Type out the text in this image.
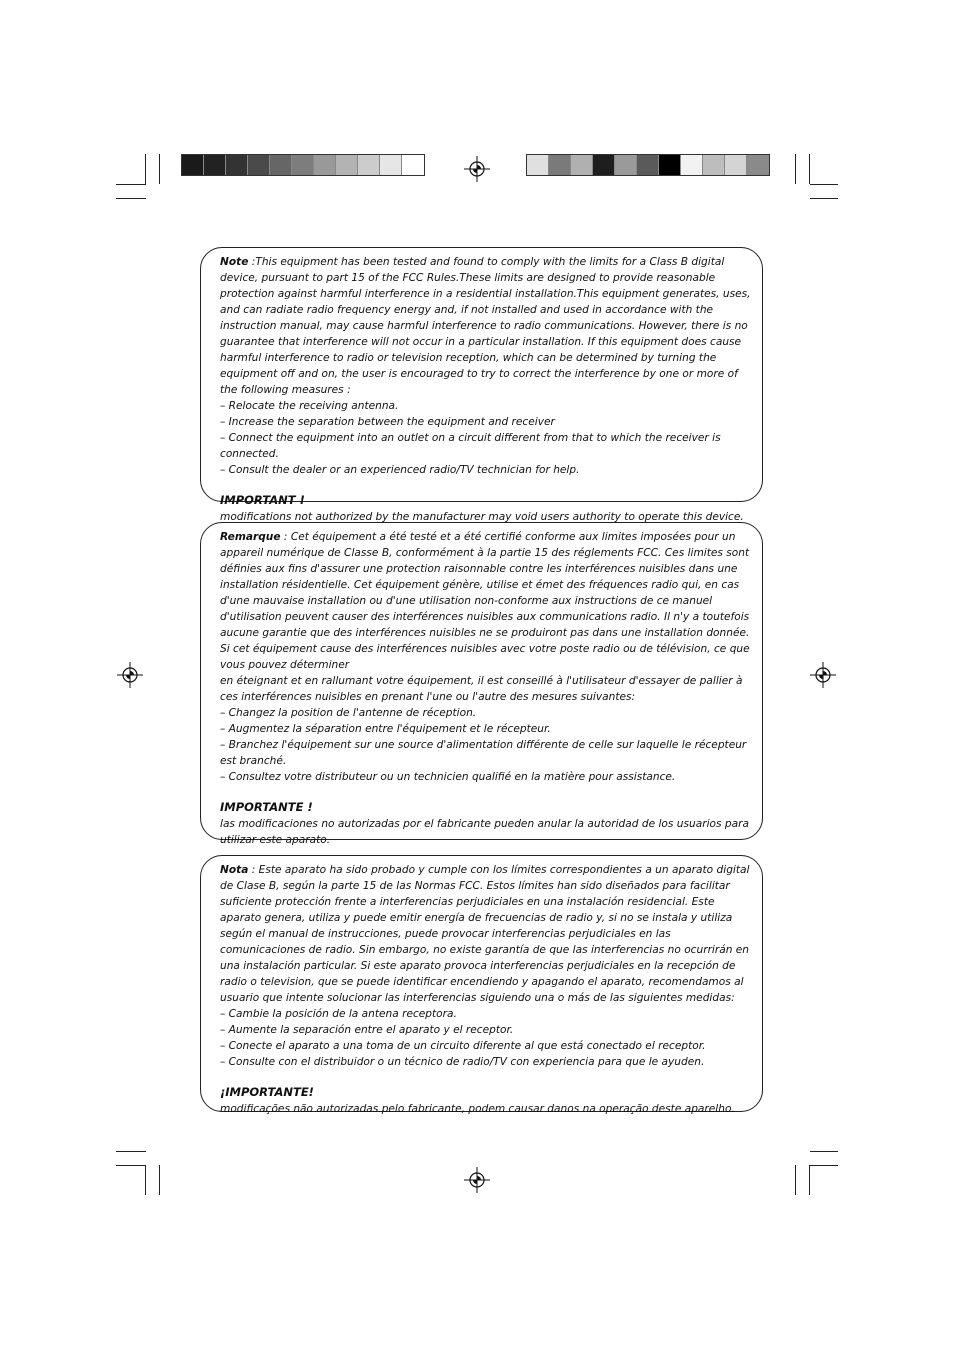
Note :This equipment has been tested and found to comply with the limits for a Class B digital device, pursuant to part 15 of the FCC Rules.These limits are designed to provide reasonable protection against harmful interference in a residential installation.This equipment generates, uses, and can radiate radio frequency energy and, if not installed and used in accordance with the instruction manual, may cause harmful interference to radio communications. However, there is no guarantee that interference will not occur in a particular installation. If this equipment does cause harmful interference to radio or television reception, which can be determined by turning the equipment off and on, the user is encouraged to try to correct the interference by one or more of the following measures :

– Relocate the receiving antenna.
– Increase the separation between the equipment and receiver
– Connect the equipment into an outlet on a circuit different from that to which the receiver is connected.
– Consult the dealer or an experienced radio/TV technician for help.

IMPORTANT !

modifications not authorized by the manufacturer may void users authority to operate this device.

Remarque : Cet équipement a été testé et a été certifié conforme aux limites imposées pour un appareil numérique de Classe B, conformément à la partie 15 des réglements FCC. Ces limites sont définies aux fins d'assurer une protection raisonnable contre les interférences nuisibles dans une installation résidentielle. Cet équipement génère, utilise et émet des fréquences radio qui, en cas d'une mauvaise installation ou d'une utilisation non-conforme aux instructions de ce manuel d'utilisation peuvent causer des interférences nuisibles aux communications radio. Il n'y a toutefois aucune garantie que des interférences nuisibles ne se produiront pas dans une installation donnée. Si cet équipement cause des interférences nuisibles avec votre poste radio ou de télévision, ce que vous pouvez déterminer

en éteignant et en rallumant votre équipement, il est conseillé à l'utilisateur d'essayer de pallier à ces interférences nuisibles en prenant l'une ou l'autre des mesures suivantes:

– Changez la position de l'antenne de réception.
– Augmentez la séparation entre l'équipement et le récepteur.
– Branchez l'équipement sur une source d'alimentation différente de celle sur laquelle le récepteur est branché.
– Consultez votre distributeur ou un technicien qualifié en la matière pour assistance.

IMPORTANTE !

las modificaciones no autorizadas por el fabricante pueden anular la autoridad de los usuarios para utilizar este aparato.

Nota : Este aparato ha sido probado y cumple con los límites correspondientes a un aparato digital de Clase B, según la parte 15 de las Normas FCC. Estos límites han sido diseñados para facilitar suficiente protección frente a interferencias perjudiciales en una instalación residencial. Este aparato genera, utiliza y puede emitir energía de frecuencias de radio y, si no se instala y utiliza según el manual de instrucciones, puede provocar interferencias perjudiciales en las comunicaciones de radio. Sin embargo, no existe garantía de que las interferencias no ocurrirán en una instalación particular. Si este aparato provoca interferencias perjudiciales en la recepción de radio o television, que se puede identificar encendiendo y apagando el aparato, recomendamos al usuario que intente solucionar las interferencias siguiendo una o más de las siguientes medidas:

– Cambie la posición de la antena receptora.
– Aumente la separación entre el aparato y el receptor.
– Conecte el aparato a una toma de un circuito diferente al que está conectado el receptor.
– Consulte con el distribuidor o un técnico de radio/TV con experiencia para que le ayuden.

¡IMPORTANTE!

modificações não autorizadas pelo fabricante, podem causar danos na operação deste aparelho.
